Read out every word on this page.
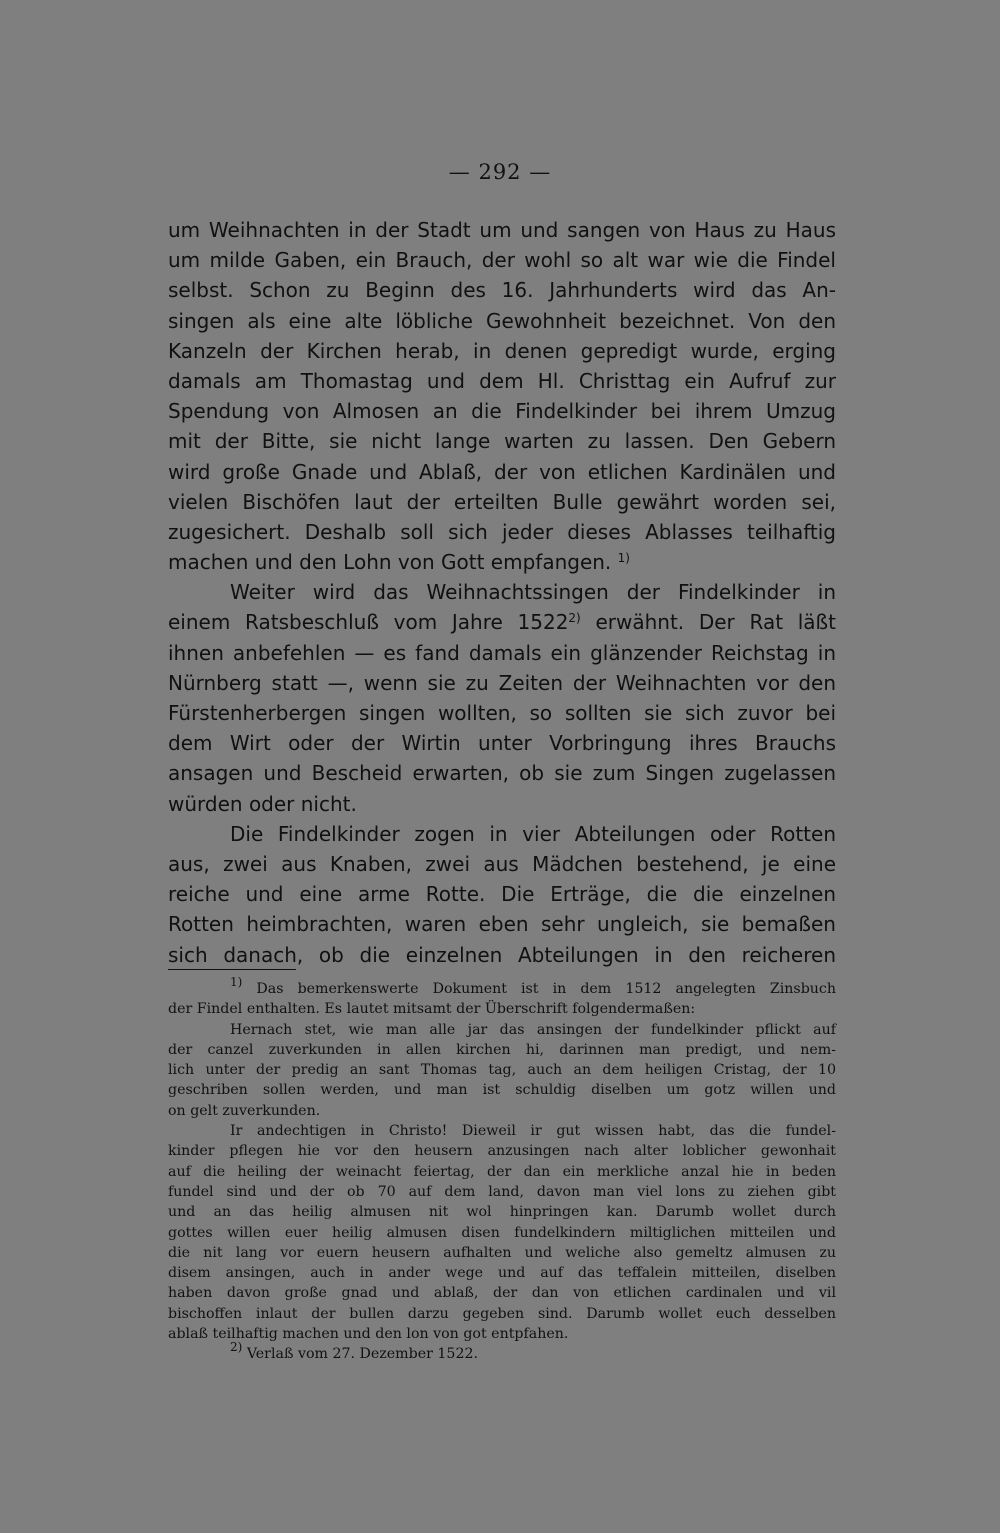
— 292 —

um Weihnachten in der Stadt um und sangen von Haus zu Haus
um milde Gaben, ein Brauch, der wohl so alt war wie die Findel
selbst. Schon zu Beginn des 16. Jahrhunderts wird das An-
singen als eine alte löbliche Gewohnheit bezeichnet. Von den
Kanzeln der Kirchen herab, in denen gepredigt wurde, erging
damals am Thomastag und dem Hl. Christtag ein Aufruf zur
Spendung von Almosen an die Findelkinder bei ihrem Umzug
mit der Bitte, sie nicht lange warten zu lassen. Den Gebern
wird große Gnade und Ablaß, der von etlichen Kardinälen und
vielen Bischöfen laut der erteilten Bulle gewährt worden sei,
zugesichert. Deshalb soll sich jeder dieses Ablasses teilhaftig
machen und den Lohn von Gott empfangen. $^{1)}$
Weiter wird das Weihnachtssingen der Findelkinder in
einem Ratsbeschluß vom Jahre 1522$^{2)}$ erwähnt. Der Rat läßt
ihnen anbefehlen — es fand damals ein glänzender Reichstag in
Nürnberg statt —, wenn sie zu Zeiten der Weihnachten vor den
Fürstenherbergen singen wollten, so sollten sie sich zuvor bei
dem Wirt oder der Wirtin unter Vorbringung ihres Brauchs
ansagen und Bescheid erwarten, ob sie zum Singen zugelassen
würden oder nicht.
Die Findelkinder zogen in vier Abteilungen oder Rotten
aus, zwei aus Knaben, zwei aus Mädchen bestehend, je eine
reiche und eine arme Rotte. Die Erträge, die die einzelnen
Rotten heimbrachten, waren eben sehr ungleich, sie bemaßen
sich danach, ob die einzelnen Abteilungen in den reicheren
$^{1)}$ Das bemerkenswerte Dokument ist in dem 1512 angelegten Zinsbuch
der Findel enthalten. Es lautet mitsamt der Überschrift folgendermaßen:
Hernach stet, wie man alle jar das ansingen der fundelkinder pflickt auf
der canzel zuverkunden in allen kirchen hi, darinnen man predigt, und nem-
lich unter der predig an sant Thomas tag, auch an dem heiligen Cristag, der 10
geschriben sollen werden, und man ist schuldig diselben um gotz willen und
on gelt zuverkunden.
Ir andechtigen in Christo! Dieweil ir gut wissen habt, das die fundel-
kinder pflegen hie vor den heusern anzusingen nach alter loblicher gewonhait
auf die heiling der weinacht feiertag, der dan ein merkliche anzal hie in beden
fundel sind und der ob 70 auf dem land, davon man viel lons zu ziehen gibt
und an das heilig almusen nit wol hinpringen kan. Darumb wollet durch
gottes willen euer heilig almusen disen fundelkindern miltiglichen mitteilen und
die nit lang vor euern heusern aufhalten und weliche also gemeltz almusen zu
disem ansingen, auch in ander wege und auf das teffalein mitteilen, diselben
haben davon große gnad und ablaß, der dan von etlichen cardinalen und vil
bischoffen inlaut der bullen darzu gegeben sind. Darumb wollet euch desselben
ablaß teilhaftig machen und den lon von got entpfahen.
$^{2)}$ Verlaß vom 27. Dezember 1522.
